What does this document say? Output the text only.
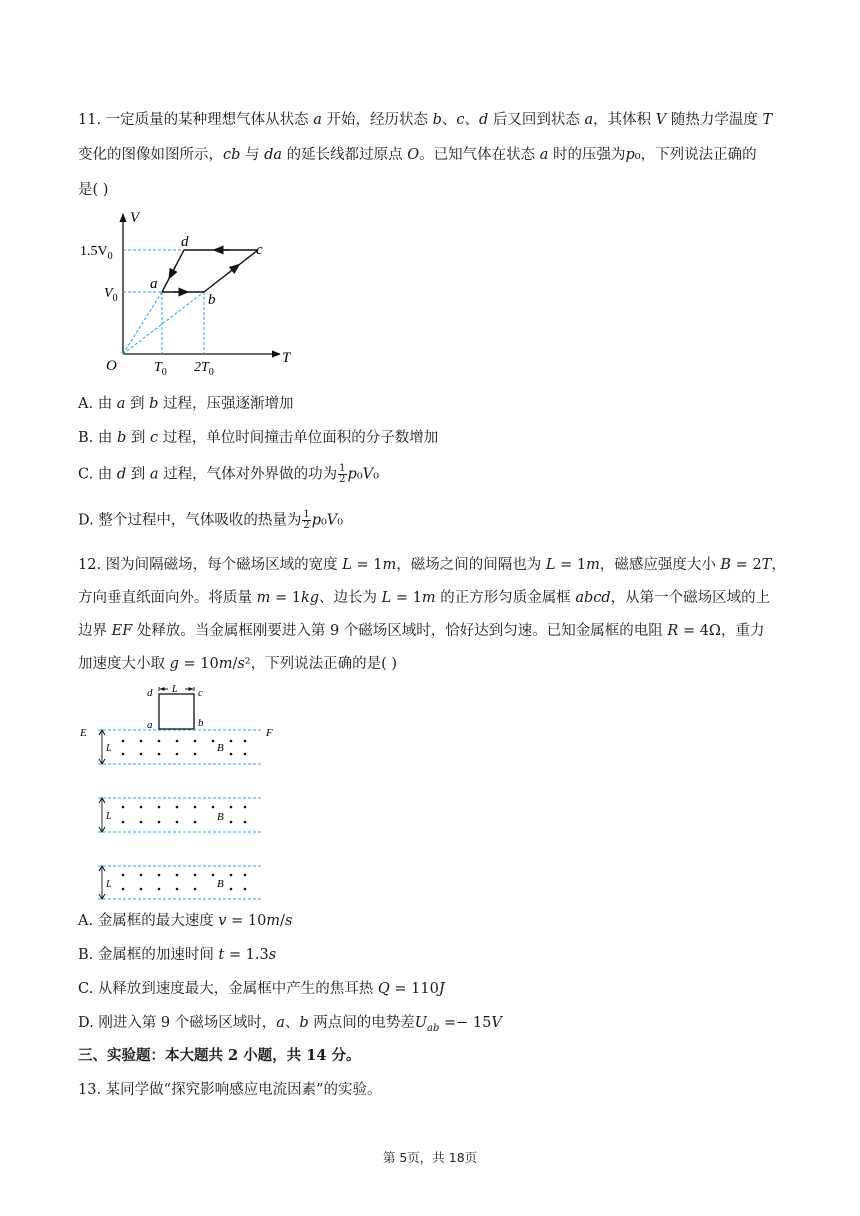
11. 一定质量的某种理想气体从状态 𝑎 开始，经历状态 𝑏、𝑐、𝑑 后又回到状态 𝑎，其体积 𝑉 随热力学温度 𝑇
变化的图像如图所示，𝑐𝑏 与 𝑑𝑎 的延长线都过原点 𝑂。已知气体在状态 𝑎 时的压强为𝑝₀，下列说法正确的
是( )
V
T
O
$1.5V_0$
$V_0$
$T_0$ $2T_0$
a
b
c
d
A. 由 𝑎 到 𝑏 过程，压强逐渐增加
B. 由 𝑏 到 𝑐 过程，单位时间撞击单位面积的分子数增加
C. 由 𝑑 到 𝑎 过程，气体对外界做的功为 $\frac{1}{2}$ 𝑝₀𝑉₀
D. 整个过程中，气体吸收的热量为 $\frac{1}{2}$ 𝑝₀𝑉₀
12. 图为间隔磁场，每个磁场区域的宽度 𝐿 = 1𝑚，磁场之间的间隔也为 𝐿 = 1𝑚，磁感应强度大小 𝐵 = 2𝑇，
方向垂直纸面向外。将质量 𝑚 = 1𝑘𝑔、边长为 𝐿 = 1𝑚 的正方形匀质金属框 𝑎𝑏𝑐𝑑，从第一个磁场区域的上
边界 𝐸𝐹 处释放。当金属框刚要进入第 9 个磁场区域时，恰好达到匀速。已知金属框的电阻 𝑅 = 4Ω，重力
加速度大小取 𝑔 = 10𝑚/𝑠²，下列说法正确的是( )
L
d	c
a	b
E	F
L	B
L	B
L	B
A. 金属框的最大速度 𝑣 = 10𝑚/𝑠
B. 金属框的加速时间 𝑡 = 1.3𝑠
C. 从释放到速度最大，金属框中产生的焦耳热 𝑄 = 110𝐽
D. 刚进入第 9 个磁场区域时，𝑎、𝑏 两点间的电势差𝑈$_{𝑎𝑏}$ =− 15𝑉
三、实验题：本大题共 2 小题，共 14 分。
13. 某同学做“探究影响感应电流因素”的实验。
第 5页，共 18页
